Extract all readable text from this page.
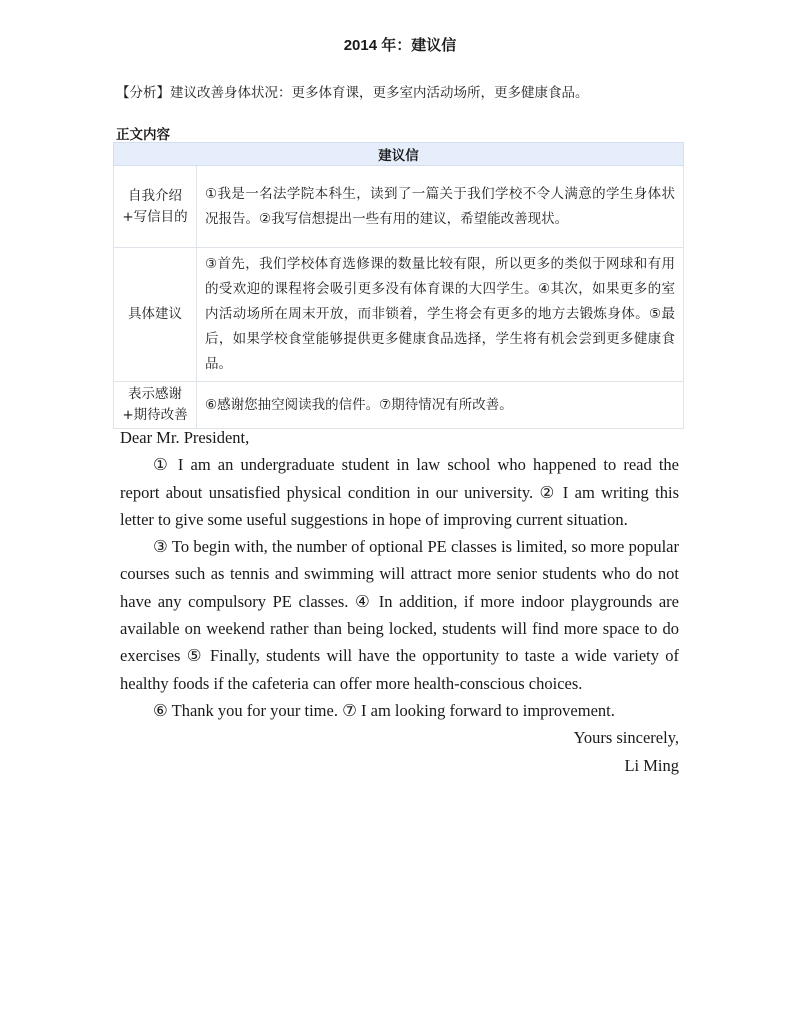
2014 年：建议信
【分析】建议改善身体状况：更多体育课，更多室内活动场所，更多健康食品。
正文内容
建议信	

自我介绍
+写信目的	①我是一名法学院本科生，读到了一篇关于我们学校不令人满意的学生身体状况报告。②我写信想提出一些有用的建议，希望能改善现状。

具体建议	③首先，我们学校体育选修课的数量比较有限，所以更多的类似于网球和有用的受欢迎的课程将会吸引更多没有体育课的大四学生。④其次，如果更多的室内活动场所在周末开放，而非锁着，学生将会有更多的地方去锻炼身体。⑤最后，如果学校食堂能够提供更多健康食品选择，学生将有机会尝到更多健康食品。

表示感谢
+期待改善	⑥感谢您抽空阅读我的信件。⑦期待情况有所改善。

Dear Mr. President,

① I am an undergraduate student in law school who happened to read the report about unsatisfied physical condition in our university. ② I am writing this letter to give some useful suggestions in hope of improving current situation.

③ To begin with, the number of optional PE classes is limited, so more popular courses such as tennis and swimming will attract more senior students who do not have any compulsory PE classes. ④ In addition, if more indoor playgrounds are available on weekend rather than being locked, students will find more space to do exercises ⑤ Finally, students will have the opportunity to taste a wide variety of healthy foods if the cafeteria can offer more health-conscious choices.

⑥ Thank you for your time. ⑦ I am looking forward to improvement.

Yours sincerely,

Li Ming
